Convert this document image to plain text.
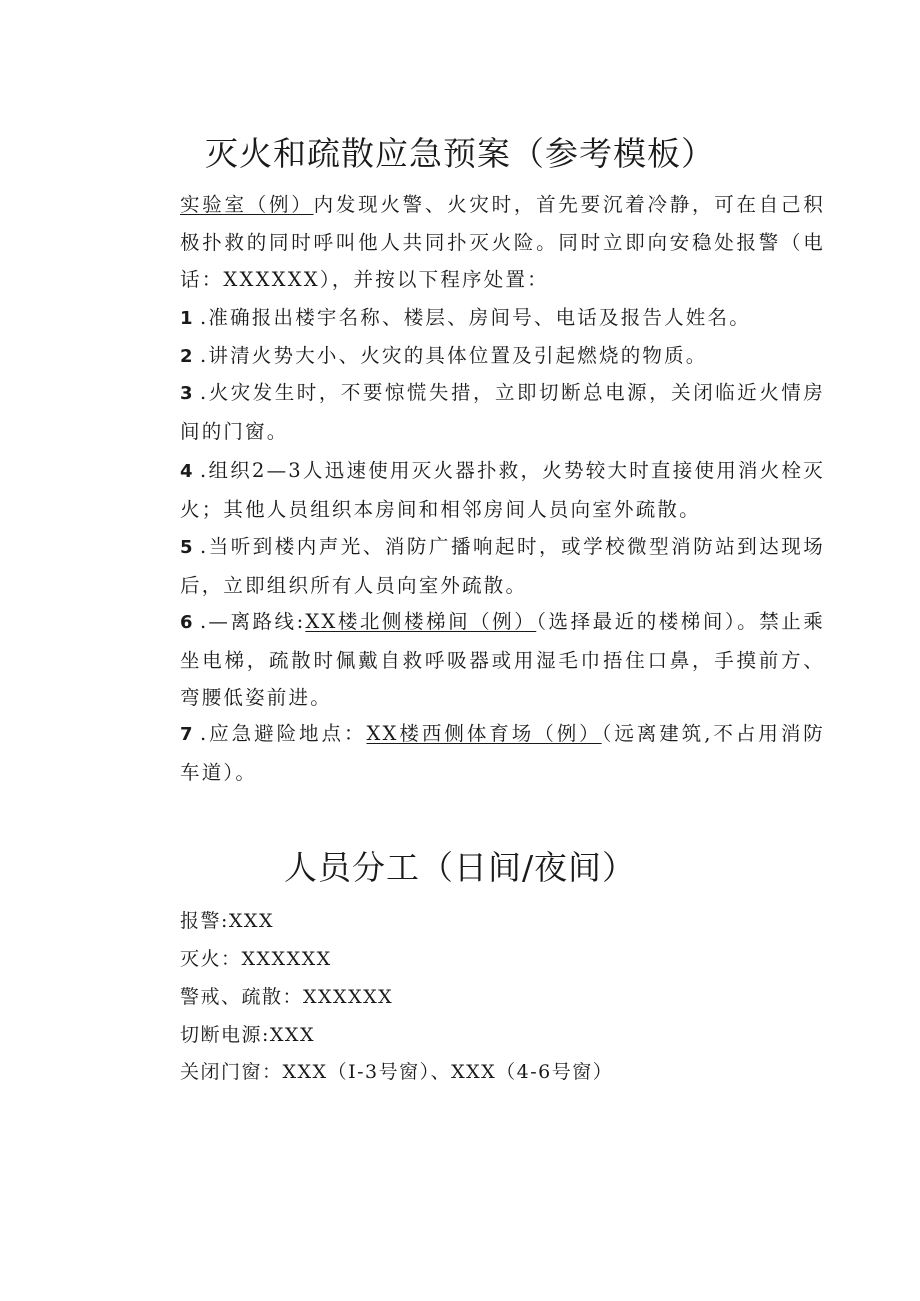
灭火和疏散应急预案（参考模板）

实验室（例）内发现火警、火灾时，首先要沉着冷静，可在自己积极扑救的同时呼叫他人共同扑灭火险。同时立即向安稳处报警（电话：XXXXXX），并按以下程序处置：

1 .准确报出楼宇名称、楼层、房间号、电话及报告人姓名。

2 .讲清火势大小、火灾的具体位置及引起燃烧的物质。

3 .火灾发生时，不要惊慌失措，立即切断总电源，关闭临近火情房间的门窗。

4 .组织2—3人迅速使用灭火器扑救，火势较大时直接使用消火栓灭火；其他人员组织本房间和相邻房间人员向室外疏散。

5 .当听到楼内声光、消防广播响起时，或学校微型消防站到达现场后，立即组织所有人员向室外疏散。

6 .—离路线:XX楼北侧楼梯间（例）（选择最近的楼梯间）。禁止乘坐电梯，疏散时佩戴自救呼吸器或用湿毛巾捂住口鼻，手摸前方、弯腰低姿前进。

7 .应急避险地点：XX楼西侧体育场（例）（远离建筑,不占用消防车道）。

人员分工（日间/夜间）

报警:XXX

灭火：XXXXXX

警戒、疏散：XXXXXX

切断电源:XXX

关闭门窗：XXX（I-3号窗）、XXX（4-6号窗）
